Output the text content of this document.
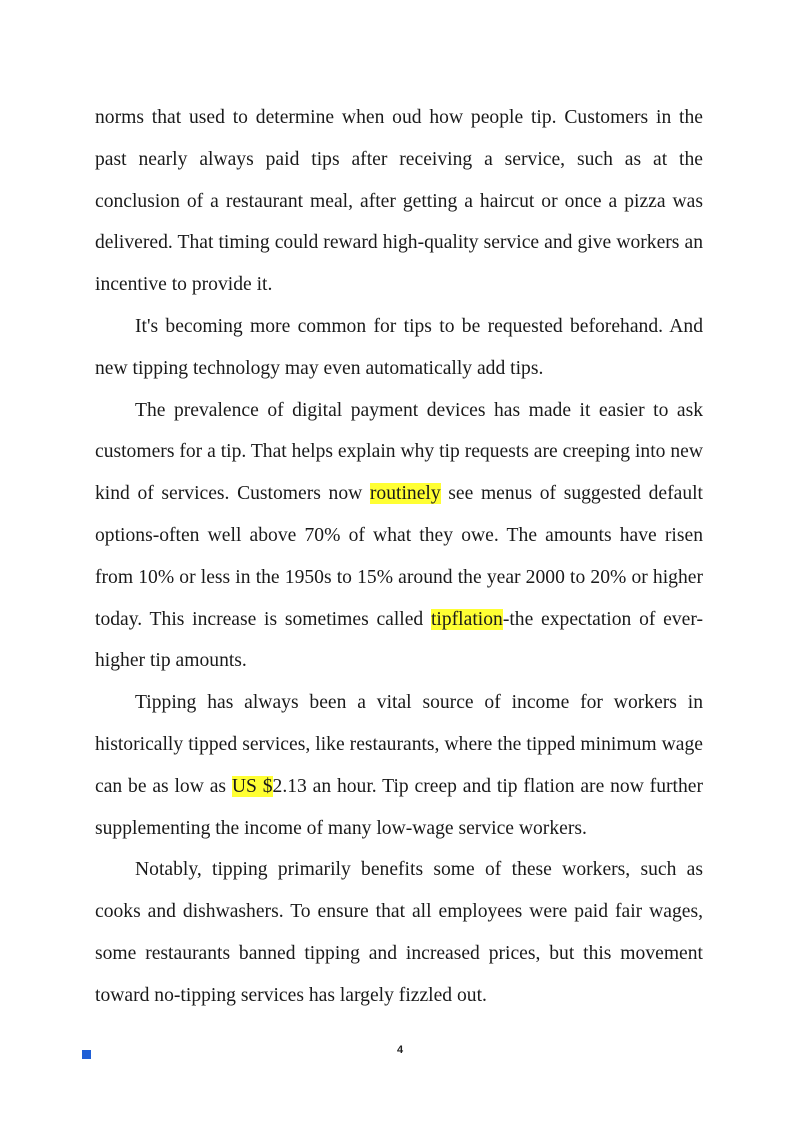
norms that used to determine when oud how people tip. Customers in the past nearly always paid tips after receiving a service, such as at the conclusion of a restaurant meal, after getting a haircut or once a pizza was delivered. That timing could reward high-quality service and give workers an incentive to provide it.

It's becoming more common for tips to be requested beforehand. And new tipping technology may even automatically add tips.

The prevalence of digital payment devices has made it easier to ask customers for a tip. That helps explain why tip requests are creeping into new kind of services. Customers now routinely see menus of suggested default options-often well above 70% of what they owe. The amounts have risen from 10% or less in the 1950s to 15% around the year 2000 to 20% or higher today. This increase is sometimes called tipflation-the expectation of ever-higher tip amounts.

Tipping has always been a vital source of income for workers in historically tipped services, like restaurants, where the tipped minimum wage can be as low as US $2.13 an hour. Tip creep and tip flation are now further supplementing the income of many low-wage service workers.

Notably, tipping primarily benefits some of these workers, such as cooks and dishwashers. To ensure that all employees were paid fair wages, some restaurants banned tipping and increased prices, but this movement toward no-tipping services has largely fizzled out.

4
